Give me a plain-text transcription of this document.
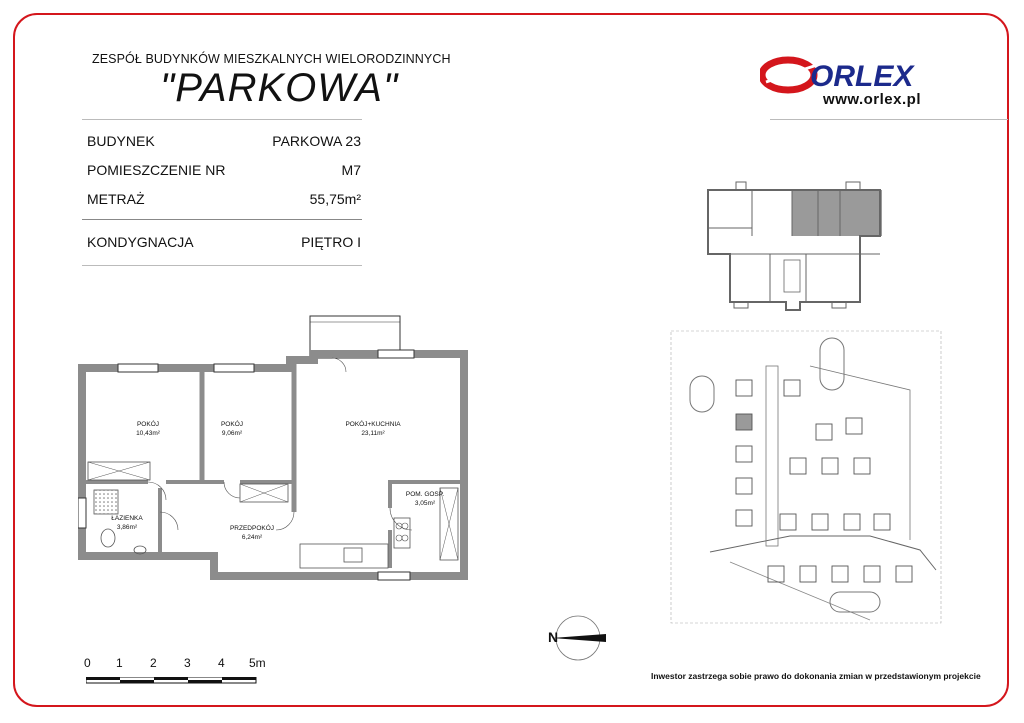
ZESPÓŁ BUDYNKÓW MIESZKALNYCH WIELORODZINNYCH
"PARKOWA"	ORLEX
www.orlex.pl
BUDYNEK	PARKOWA 23
POMIESZCZENIE NR	M7
METRAŻ	55,75m²
KONDYGNACJA	PIĘTRO I
POKÓJ
10,43m²
POKÓJ
9,06m²
POKÓJ+KUCHNIA
23,11m²
POM. GOSP.
3,05m²
ŁAZIENKA
3,86m²	PRZEDPOKÓJ
6,24m²
N
0 1 2 3 4 5m
Inwestor zastrzega sobie prawo do dokonania zmian w przedstawionym projekcie
